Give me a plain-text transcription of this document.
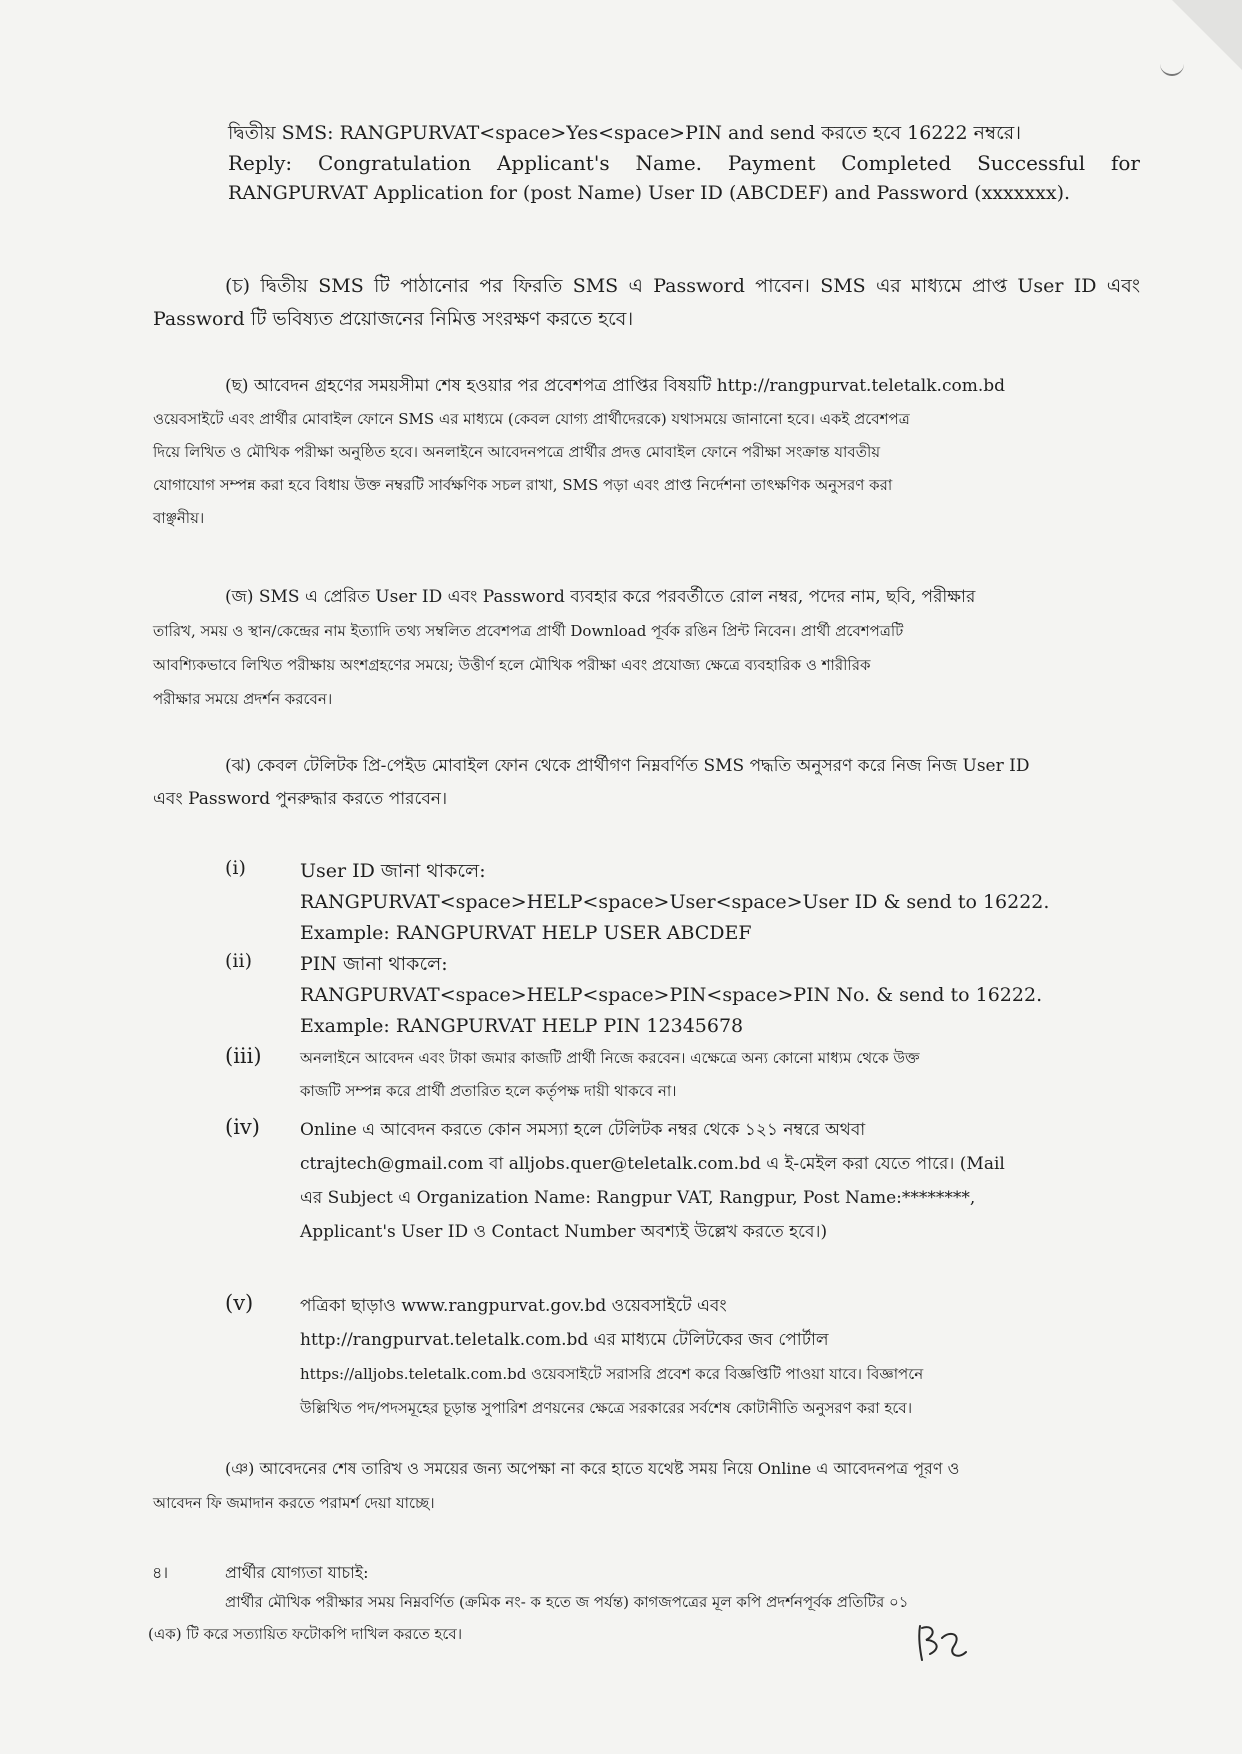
দ্বিতীয় SMS: RANGPURVAT<space>Yes<space>PIN and send করতে হবে 16222 নম্বরে।
Reply: Congratulation Applicant's Name. Payment Completed Successful for
RANGPURVAT Application for (post Name) User ID (ABCDEF) and Password (xxxxxxx).
(চ) দ্বিতীয় SMS টি পাঠানোর পর ফিরতি SMS এ Password পাবেন। SMS এর মাধ্যমে প্রাপ্ত User ID এবং
Password টি ভবিষ্যত প্রয়োজনের নিমিত্ত সংরক্ষণ করতে হবে।
(ছ) আবেদন গ্রহণের সময়সীমা শেষ হওয়ার পর প্রবেশপত্র প্রাপ্তির বিষয়টি http://rangpurvat.teletalk.com.bd
ওয়েবসাইটে এবং প্রার্থীর মোবাইল ফোনে SMS এর মাধ্যমে (কেবল যোগ্য প্রার্থীদেরকে) যথাসময়ে জানানো হবে। একই প্রবেশপত্র
দিয়ে লিখিত ও মৌখিক পরীক্ষা অনুষ্ঠিত হবে। অনলাইনে আবেদনপত্রে প্রার্থীর প্রদত্ত মোবাইল ফোনে পরীক্ষা সংক্রান্ত যাবতীয়
যোগাযোগ সম্পন্ন করা হবে বিধায় উক্ত নম্বরটি সার্বক্ষণিক সচল রাখা, SMS পড়া এবং প্রাপ্ত নির্দেশনা তাৎক্ষণিক অনুসরণ করা
বাঞ্ছনীয়।
(জ) SMS এ প্রেরিত User ID এবং Password ব্যবহার করে পরবর্তীতে রোল নম্বর, পদের নাম, ছবি, পরীক্ষার
তারিখ, সময় ও স্থান/কেন্দ্রের নাম ইত্যাদি তথ্য সম্বলিত প্রবেশপত্র প্রার্থী Download পূর্বক রঙিন প্রিন্ট নিবেন। প্রার্থী প্রবেশপত্রটি
আবশ্যিকভাবে লিখিত পরীক্ষায় অংশগ্রহণের সময়ে; উত্তীর্ণ হলে মৌখিক পরীক্ষা এবং প্রযোজ্য ক্ষেত্রে ব্যবহারিক ও শারীরিক
পরীক্ষার সময়ে প্রদর্শন করবেন।
(ঝ) কেবল টেলিটক প্রি-পেইড মোবাইল ফোন থেকে প্রার্থীগণ নিম্নবর্ণিত SMS পদ্ধতি অনুসরণ করে নিজ নিজ User ID
এবং Password পুনরুদ্ধার করতে পারবেন।
(i)	User ID জানা থাকলে:
RANGPURVAT<space>HELP<space>User<space>User ID & send to 16222.
Example: RANGPURVAT HELP USER ABCDEF
(ii)	PIN জানা থাকলে:
RANGPURVAT<space>HELP<space>PIN<space>PIN No. & send to 16222.
Example: RANGPURVAT HELP PIN 12345678
(iii)	অনলাইনে আবেদন এবং টাকা জমার কাজটি প্রার্থী নিজে করবেন। এক্ষেত্রে অন্য কোনো মাধ্যম থেকে উক্ত
কাজটি সম্পন্ন করে প্রার্থী প্রতারিত হলে কর্তৃপক্ষ দায়ী থাকবে না।
(iv) Online এ আবেদন করতে কোন সমস্যা হলে টেলিটক নম্বর থেকে ১২১ নম্বরে অথবা
ctrajtech@gmail.com বা alljobs.quer@teletalk.com.bd এ ই-মেইল করা যেতে পারে। (Mail
এর Subject এ Organization Name: Rangpur VAT, Rangpur, Post Name:********,
Applicant's User ID ও Contact Number অবশ্যই উল্লেখ করতে হবে।)
(v)	পত্রিকা ছাড়াও www.rangpurvat.gov.bd ওয়েবসাইটে এবং
http://rangpurvat.teletalk.com.bd এর মাধ্যমে টেলিটকের জব পোর্টাল
https://alljobs.teletalk.com.bd ওয়েবসাইটে সরাসরি প্রবেশ করে বিজ্ঞপ্তিটি পাওয়া যাবে। বিজ্ঞাপনে
উল্লিখিত পদ/পদসমূহের চূড়ান্ত সুপারিশ প্রণয়নের ক্ষেত্রে সরকারের সর্বশেষ কোটানীতি অনুসরণ করা হবে।
(ঞ) আবেদনের শেষ তারিখ ও সময়ের জন্য অপেক্ষা না করে হাতে যথেষ্ট সময় নিয়ে Online এ আবেদনপত্র পূরণ ও
আবেদন ফি জমাদান করতে পরামর্শ দেয়া যাচ্ছে।
৪।	প্রার্থীর যোগ্যতা যাচাই:
প্রার্থীর মৌখিক পরীক্ষার সময় নিম্নবর্ণিত (ক্রমিক নং- ক হতে জ পর্যন্ত) কাগজপত্রের মূল কপি প্রদর্শনপূর্বক প্রতিটির ০১
(এক) টি করে সত্যায়িত ফটোকপি দাখিল করতে হবে।
